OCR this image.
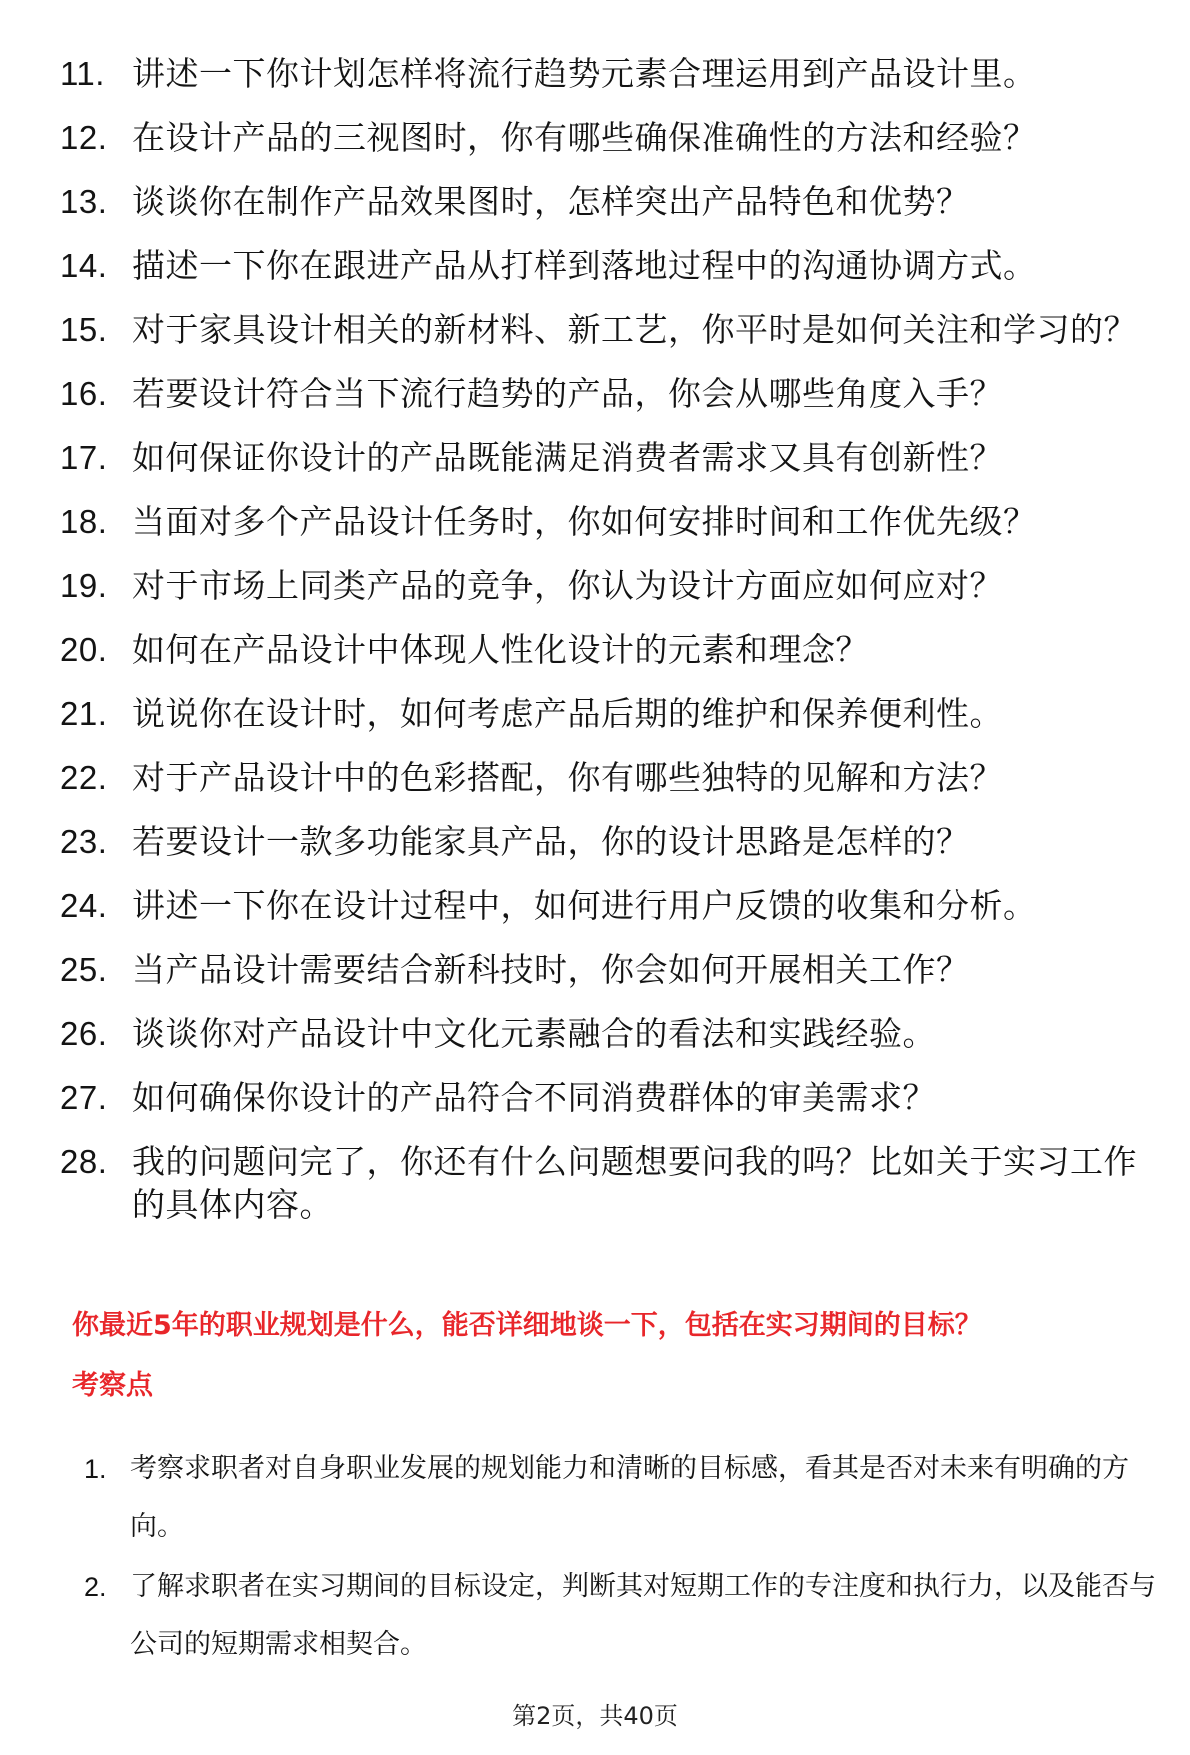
11. 讲述一下你计划怎样将流行趋势元素合理运用到产品设计里。
12. 在设计产品的三视图时，你有哪些确保准确性的方法和经验？
13. 谈谈你在制作产品效果图时，怎样突出产品特色和优势？
14. 描述一下你在跟进产品从打样到落地过程中的沟通协调方式。
15. 对于家具设计相关的新材料、新工艺，你平时是如何关注和学习的？
16. 若要设计符合当下流行趋势的产品，你会从哪些角度入手？
17. 如何保证你设计的产品既能满足消费者需求又具有创新性？
18. 当面对多个产品设计任务时，你如何安排时间和工作优先级？
19. 对于市场上同类产品的竞争，你认为设计方面应如何应对？
20. 如何在产品设计中体现人性化设计的元素和理念？
21. 说说你在设计时，如何考虑产品后期的维护和保养便利性。
22. 对于产品设计中的色彩搭配，你有哪些独特的见解和方法？
23. 若要设计一款多功能家具产品，你的设计思路是怎样的？
24. 讲述一下你在设计过程中，如何进行用户反馈的收集和分析。
25. 当产品设计需要结合新科技时，你会如何开展相关工作？
26. 谈谈你对产品设计中文化元素融合的看法和实践经验。
27. 如何确保你设计的产品符合不同消费群体的审美需求？
28. 我的问题问完了，你还有什么问题想要问我的吗？比如关于实习工作的具体内容。
你最近5年的职业规划是什么，能否详细地谈一下，包括在实习期间的目标？
考察点
1. 考察求职者对自身职业发展的规划能力和清晰的目标感，看其是否对未来有明确的方向。
2. 了解求职者在实习期间的目标设定，判断其对短期工作的专注度和执行力，以及能否与公司的短期需求相契合。
第2页，共40页
